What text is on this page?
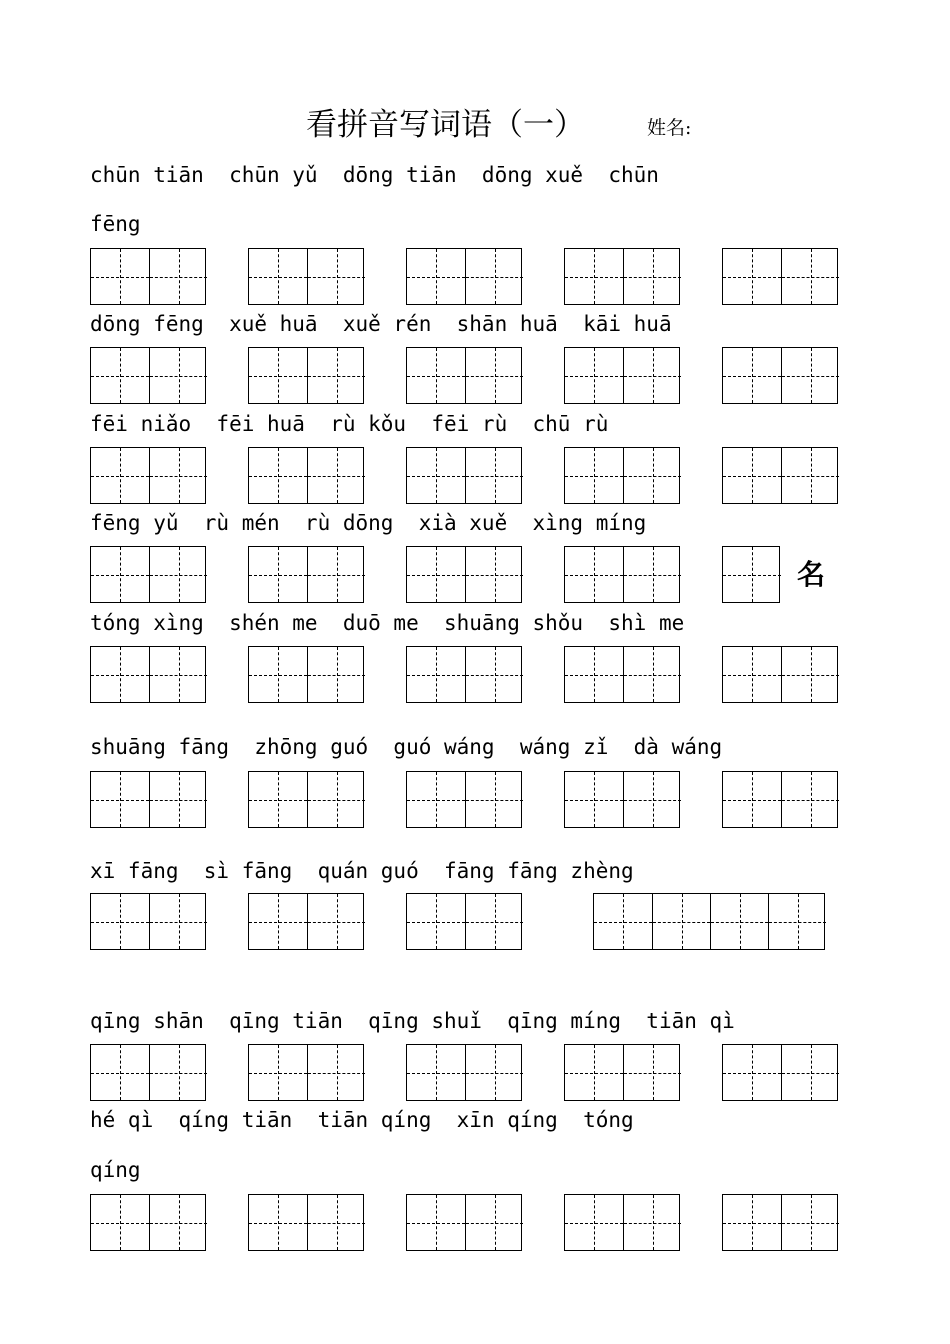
看拼音写词语（一）	姓名:
chūn tiān  chūn yǔ  dōng tiān  dōng xuě  chūn
fēng
dōng fēng  xuě huā  xuě rén  shān huā  kāi huā
fēi niǎo  fēi huā  rù kǒu  fēi rù  chū rù
fēng yǔ  rù mén  rù dōng  xià xuě  xìng míng
tóng xìng  shén me  duō me  shuāng shǒu  shì me
shuāng fāng  zhōng guó  guó wáng  wáng zǐ  dà wáng
xī fāng  sì fāng  quán guó  fāng fāng zhèng
qīng shān  qīng tiān  qīng shuǐ  qīng míng  tiān qì
hé qì  qíng tiān  tiān qíng  xīn qíng  tóng
qíng
名
